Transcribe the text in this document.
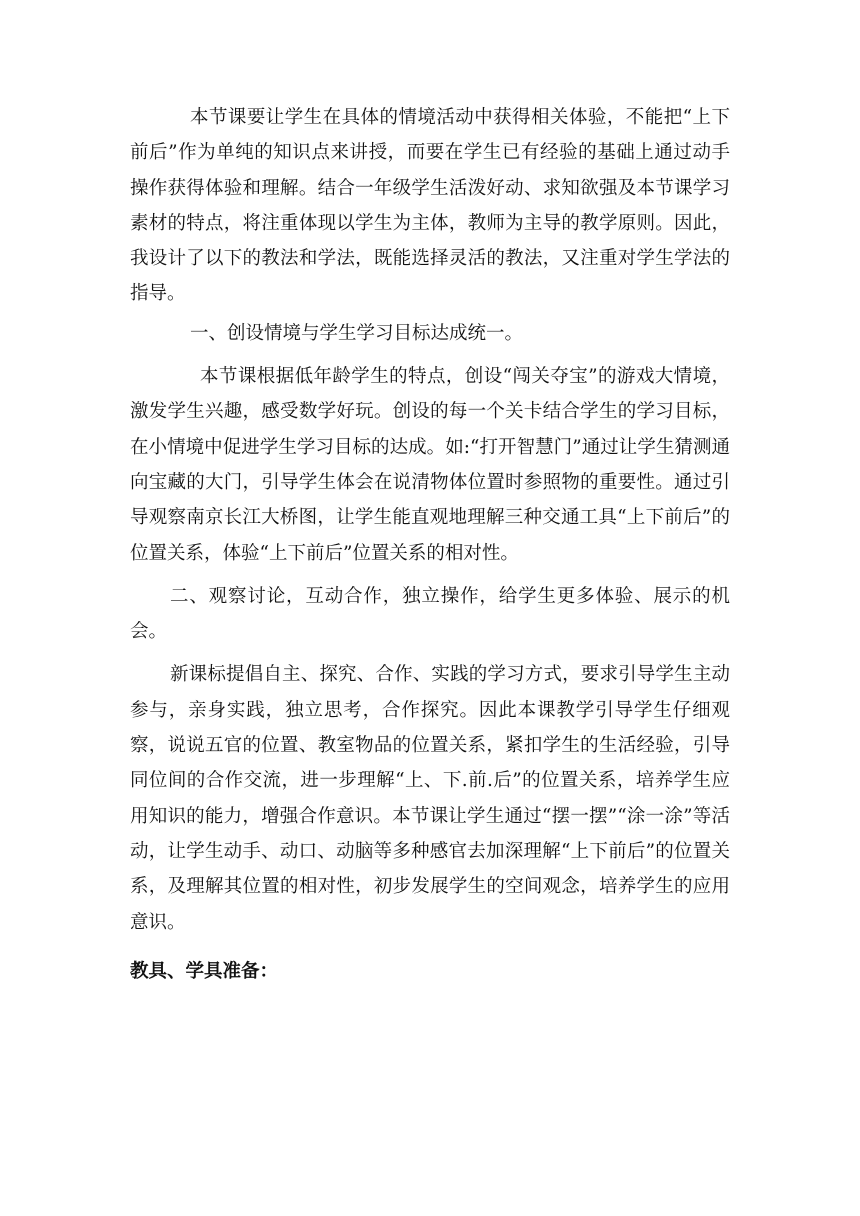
本节课要让学生在具体的情境活动中获得相关体验，不能把“上下前后”作为单纯的知识点来讲授，而要在学生已有经验的基础上通过动手操作获得体验和理解。结合一年级学生活泼好动、求知欲强及本节课学习素材的特点，将注重体现以学生为主体，教师为主导的教学原则。因此，我设计了以下的教法和学法，既能选择灵活的教法，又注重对学生学法的指导。

一、创设情境与学生学习目标达成统一。

本节课根据低年龄学生的特点，创设“闯关夺宝”的游戏大情境，激发学生兴趣，感受数学好玩。创设的每一个关卡结合学生的学习目标，在小情境中促进学生学习目标的达成。如:“打开智慧门”通过让学生猜测通向宝藏的大门，引导学生体会在说清物体位置时参照物的重要性。通过引导观察南京长江大桥图，让学生能直观地理解三种交通工具“上下前后”的位置关系，体验“上下前后”位置关系的相对性。

二、观察讨论，互动合作，独立操作，给学生更多体验、展示的机会。

新课标提倡自主、探究、合作、实践的学习方式，要求引导学生主动参与，亲身实践，独立思考，合作探究。因此本课教学引导学生仔细观察，说说五官的位置、教室物品的位置关系，紧扣学生的生活经验，引导同位间的合作交流，进一步理解“上、下.前.后”的位置关系，培养学生应用知识的能力，增强合作意识。本节课让学生通过“摆一摆”“涂一涂”等活动，让学生动手、动口、动脑等多种感官去加深理解“上下前后”的位置关系，及理解其位置的相对性，初步发展学生的空间观念，培养学生的应用意识。

教具、学具准备：
